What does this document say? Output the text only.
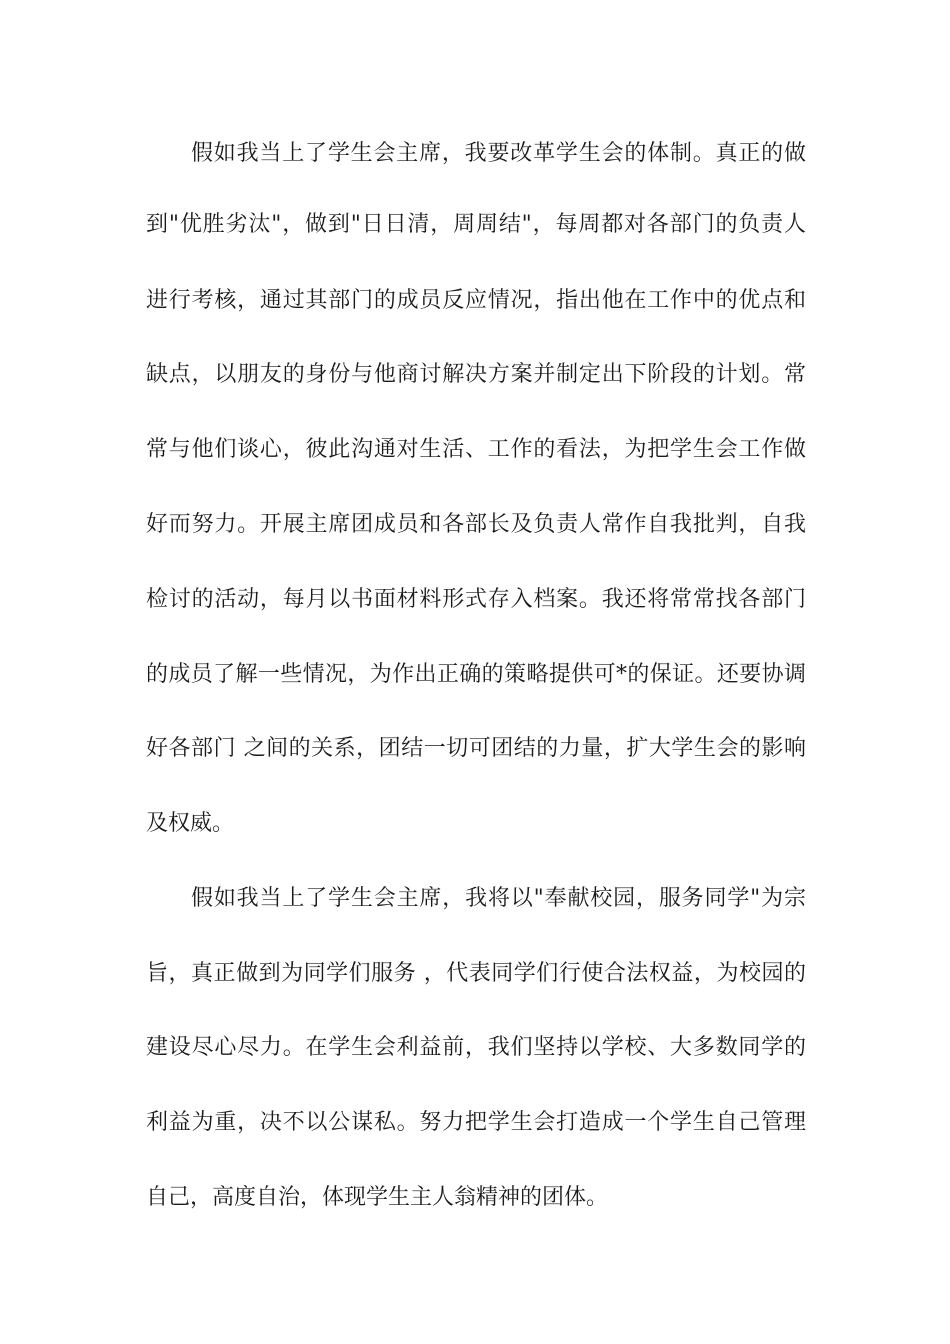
假如我当上了学生会主席，我要改革学生会的体制。真正的做
到"优胜劣汰"，做到"日日清，周周结"，每周都对各部门的负责人
进行考核，通过其部门的成员反应情况，指出他在工作中的优点和
缺点，以朋友的身份与他商讨解决方案并制定出下阶段的计划。常
常与他们谈心，彼此沟通对生活、工作的看法，为把学生会工作做
好而努力。开展主席团成员和各部长及负责人常作自我批判，自我
检讨的活动，每月以书面材料形式存入档案。我还将常常找各部门
的成员了解一些情况，为作出正确的策略提供可*的保证。还要协调
好各部门 之间的关系，团结一切可团结的力量，扩大学生会的影响
及权威。
假如我当上了学生会主席，我将以"奉献校园，服务同学"为宗
旨，真正做到为同学们服务 ，代表同学们行使合法权益，为校园的
建设尽心尽力。在学生会利益前，我们坚持以学校、大多数同学的
利益为重，决不以公谋私。努力把学生会打造成一个学生自己管理
自己，高度自治，体现学生主人翁精神的团体。
